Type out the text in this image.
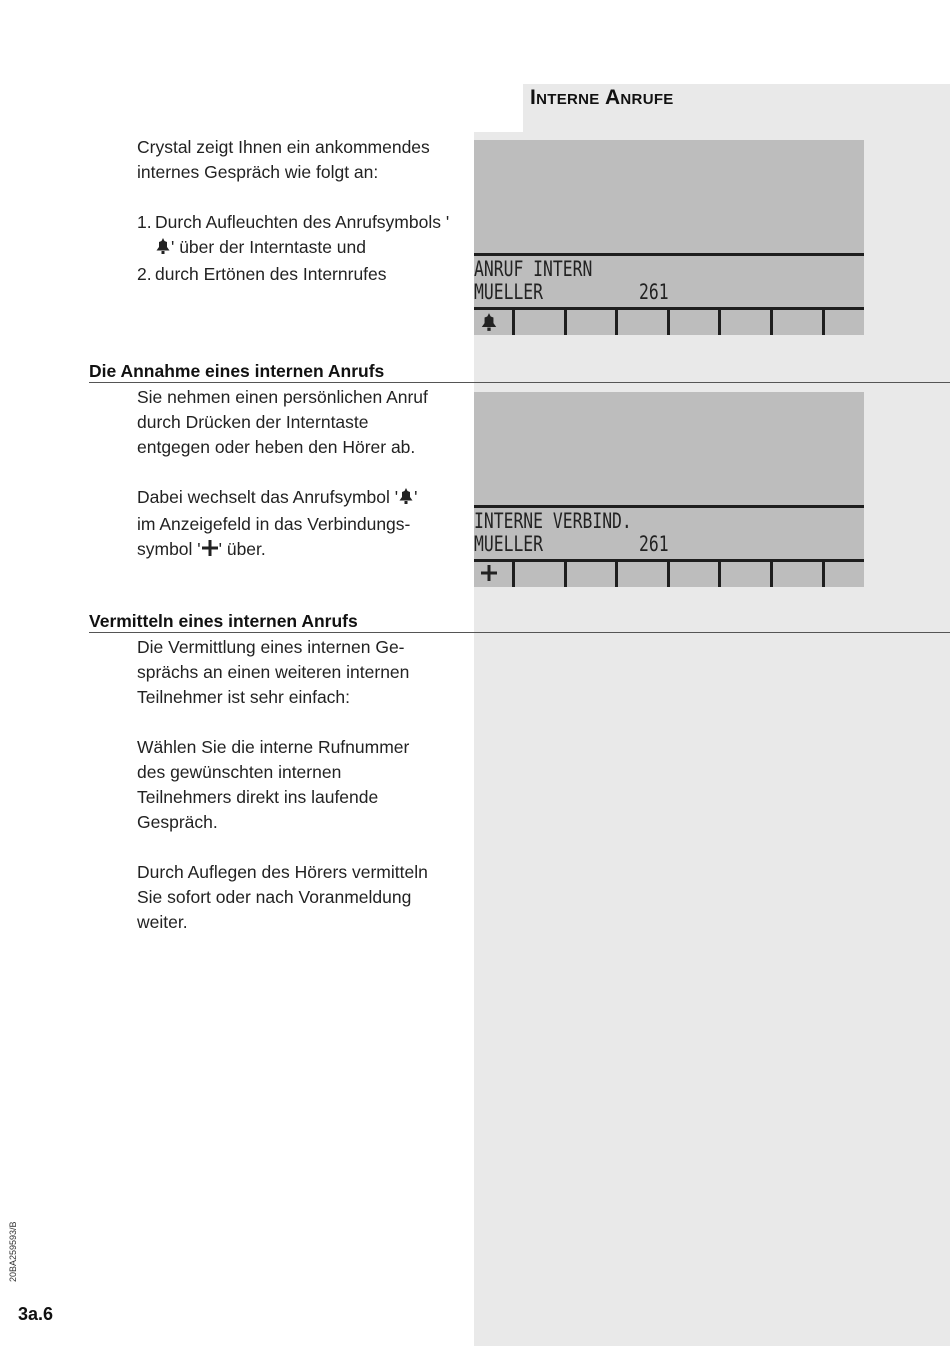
Interne Anrufe

Crystal zeigt Ihnen ein ankommendes
internes Gespräch wie folgt an:

1. Durch Aufleuchten des Anrufsymbols '' über der Interntaste und
2. durch Ertönen des Internrufes	ANRUF INTERN
MUELLER	261
Die Annahme eines internen Anrufs

Sie nehmen einen persönlichen Anruf
durch Drücken der Interntaste
entgegen oder heben den Hörer ab.

Dabei wechselt das Anrufsymbol ' '
im Anzeigefeld in das Verbindungs-
symbol ' ' über.

INTERNE VERBIND.
MUELLER	261
Vermitteln eines internen Anrufs

Die Vermittlung eines internen Ge-
sprächs an einen weiteren internen
Teilnehmer ist sehr einfach:

Wählen Sie die interne Rufnummer
des gewünschten internen
Teilnehmers direkt ins laufende
Gespräch.

Durch Auflegen des Hörers vermitteln
Sie sofort oder nach Voranmeldung
weiter.

20BA259593/B
3a.6
